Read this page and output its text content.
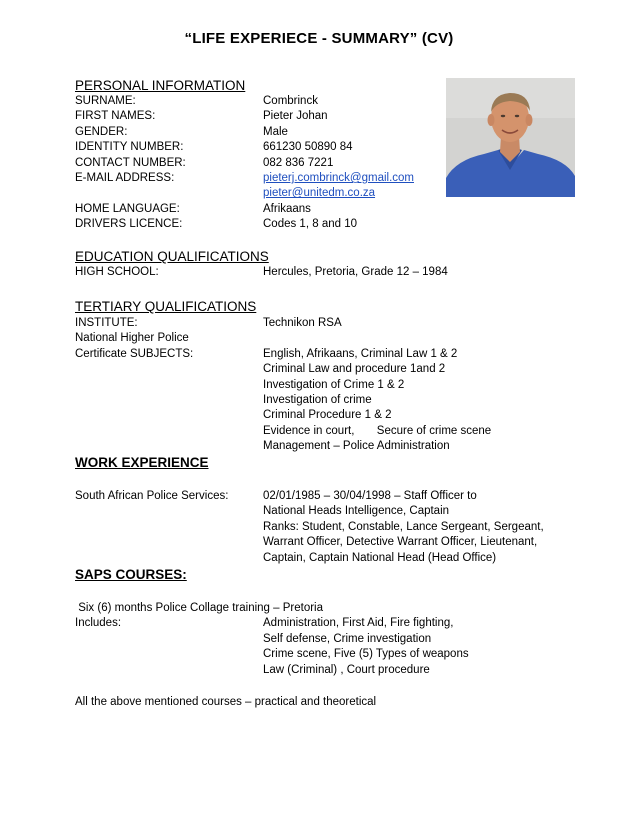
“LIFE EXPERIECE - SUMMARY” (CV)
PERSONAL INFORMATION
SURNAME:	Combrinck
FIRST NAMES:	Pieter Johan
GENDER:	Male
IDENTITY NUMBER:	661230 50890 84
CONTACT NUMBER:	082 836 7221
E-MAIL ADDRESS:	pieterj.combrinck@gmail.com
pieter@unitedm.co.za
HOME LANGUAGE:	Afrikaans
DRIVERS LICENCE:	Codes 1, 8 and 10
EDUCATION QUALIFICATIONS
HIGH SCHOOL:	Hercules, Pretoria, Grade 12 – 1984
TERTIARY QUALIFICATIONS
INSTITUTE:	Technikon RSA
National Higher Police
Certificate SUBJECTS:	English, Afrikaans, Criminal Law 1 & 2
Criminal Law and procedure 1and 2
Investigation of Crime 1 & 2
Investigation of crime
Criminal Procedure 1 & 2
Evidence in court,       Secure of crime scene
Management – Police Administration
WORK EXPERIENCE
South African Police Services:	02/01/1985 – 30/04/1998 – Staff Officer to
National Heads Intelligence, Captain
Ranks: Student, Constable, Lance Sergeant, Sergeant,
Warrant Officer, Detective Warrant Officer, Lieutenant,
Captain, Captain National Head (Head Office)
SAPS COURSES:
Six (6) months Police Collage training – Pretoria
Includes:	Administration, First Aid, Fire fighting,
Self defense, Crime investigation
Crime scene, Five (5) Types of weapons
Law (Criminal) , Court procedure
All the above mentioned courses – practical and theoretical
